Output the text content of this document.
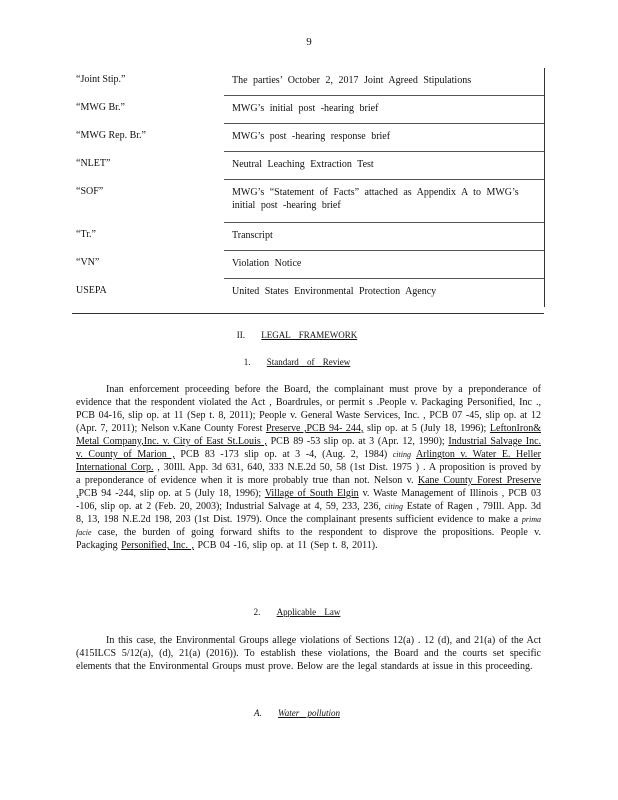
9
“Joint Stip.”	The parties’ October 2, 2017 Joint Agreed Stipulations
“MWG Br.”	MWG’s initial post -hearing brief
“MWG Rep. Br.”	MWG’s post -hearing response brief
“NLET”	Neutral Leaching Extraction Test
“SOF”	MWG’s “Statement of Facts” attached as Appendix A to MWG’s initial post -hearing brief
“Tr.”	Transcript
“VN”	Violation Notice
USEPA	United States Environmental Protection Agency
II. LEGAL FRAMEWORK
1. Standard of Review
Inan enforcement proceeding before the Board, the complainant must prove by a preponderance of evidence that the respondent violated the Act , Boardrules, or permit s .People v. Packaging Personified, Inc ., PCB 04-16, slip op. at 11 (Sep t. 8, 2011); People v. General Waste Services, Inc. , PCB 07 -45, slip op. at 12 (Apr. 7, 2011); Nelson v.Kane County Forest Preserve ,PCB 94- 244, slip op. at 5 (July 18, 1996); LeftonIron& Metal Company,Inc. v. City of East St.Louis , PCB 89 -53 slip op. at 3 (Apr. 12, 1990); Industrial Salvage Inc. v. County of Marion , PCB 83 -173 slip op. at 3 -4, (Aug. 2, 1984) citing Arlington v. Water E. Heller International Corp. , 30Ill. App. 3d 631, 640, 333 N.E.2d 50, 58 (1st Dist. 1975 ) . A proposition is proved by a preponderance of evidence when it is more probably true than not. Nelson v. Kane County Forest Preserve ,PCB 94 -244, slip op. at 5 (July 18, 1996); Village of South Elgin v. Waste Management of Illinois , PCB 03 -106, slip op. at 2 (Feb. 20, 2003); Industrial Salvage at 4, 59, 233, 236, citing Estate of Ragen , 79Ill. App. 3d 8, 13, 198 N.E.2d 198, 203 (1st Dist. 1979). Once the complainant presents sufficient evidence to make a prima facie case, the burden of going forward shifts to the respondent to disprove the propositions. People v. Packaging Personified, Inc. , PCB 04 -16, slip op. at 11 (Sep t. 8, 2011).
2. Applicable Law
In this case, the Environmental Groups allege violations of Sections 12(a) . 12 (d), and 21(a) of the Act (415ILCS 5/12(a), (d), 21(a) (2016)). To establish these violations, the Board and the courts set specific elements that the Environmental Groups must prove. Below are the legal standards at issue in this proceeding.
A. Water pollution
